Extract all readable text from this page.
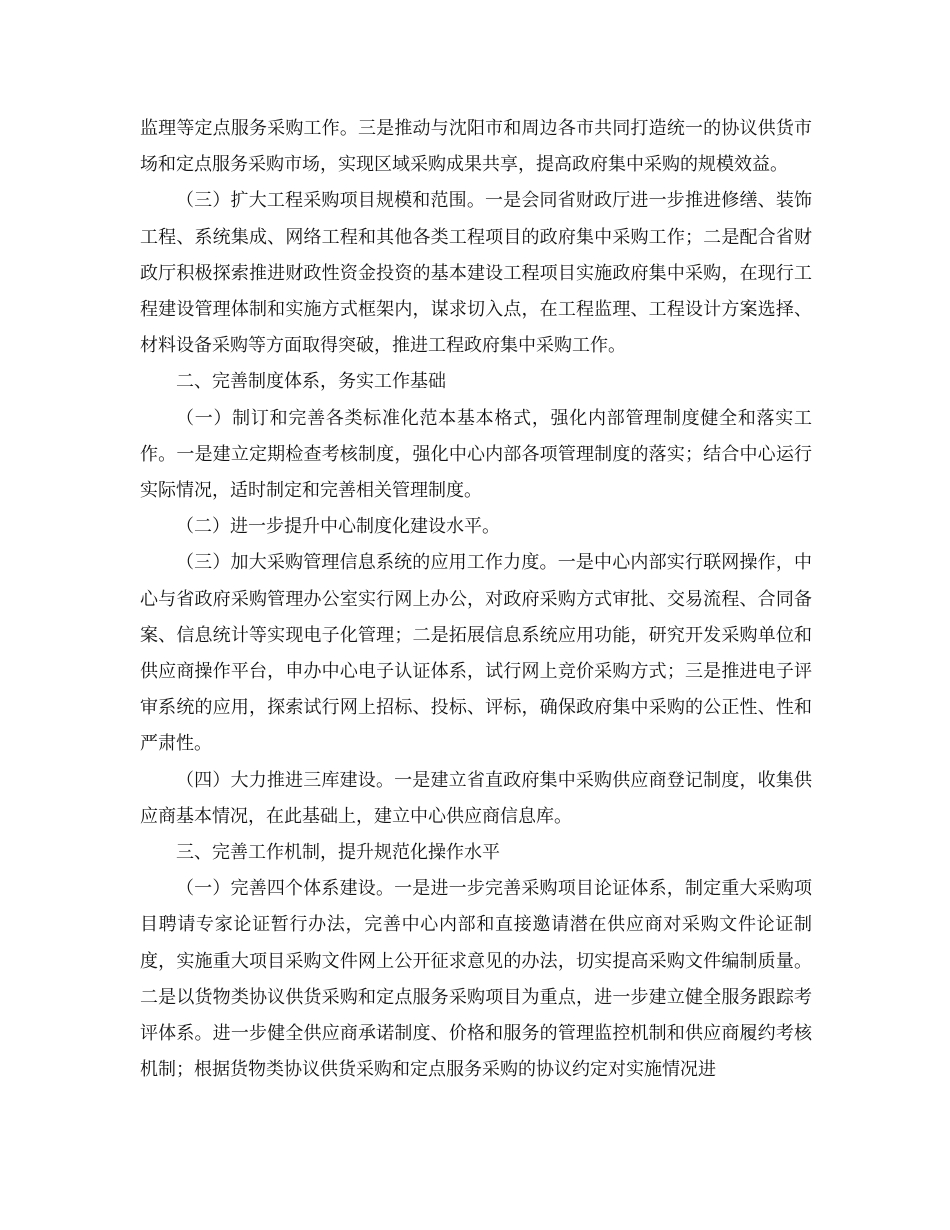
监理等定点服务采购工作。三是推动与沈阳市和周边各市共同打造统一的协议供货市场和定点服务采购市场，实现区域采购成果共享，提高政府集中采购的规模效益。

（三）扩大工程采购项目规模和范围。一是会同省财政厅进一步推进修缮、装饰工程、系统集成、网络工程和其他各类工程项目的政府集中采购工作；二是配合省财政厅积极探索推进财政性资金投资的基本建设工程项目实施政府集中采购，在现行工程建设管理体制和实施方式框架内，谋求切入点，在工程监理、工程设计方案选择、材料设备采购等方面取得突破，推进工程政府集中采购工作。

二、完善制度体系，务实工作基础

（一）制订和完善各类标准化范本基本格式，强化内部管理制度健全和落实工作。一是建立定期检查考核制度，强化中心内部各项管理制度的落实；结合中心运行实际情况，适时制定和完善相关管理制度。

（二）进一步提升中心制度化建设水平。

（三）加大采购管理信息系统的应用工作力度。一是中心内部实行联网操作，中心与省政府采购管理办公室实行网上办公，对政府采购方式审批、交易流程、合同备案、信息统计等实现电子化管理；二是拓展信息系统应用功能，研究开发采购单位和供应商操作平台，申办中心电子认证体系，试行网上竞价采购方式；三是推进电子评审系统的应用，探索试行网上招标、投标、评标，确保政府集中采购的公正性、性和严肃性。

（四）大力推进三库建设。一是建立省直政府集中采购供应商登记制度，收集供应商基本情况，在此基础上，建立中心供应商信息库。

三、完善工作机制，提升规范化操作水平

（一）完善四个体系建设。一是进一步完善采购项目论证体系，制定重大采购项目聘请专家论证暂行办法，完善中心内部和直接邀请潜在供应商对采购文件论证制度，实施重大项目采购文件网上公开征求意见的办法，切实提高采购文件编制质量。二是以货物类协议供货采购和定点服务采购项目为重点，进一步建立健全服务跟踪考评体系。进一步健全供应商承诺制度、价格和服务的管理监控机制和供应商履约考核机制；根据货物类协议供货采购和定点服务采购的协议约定对实施情况进
